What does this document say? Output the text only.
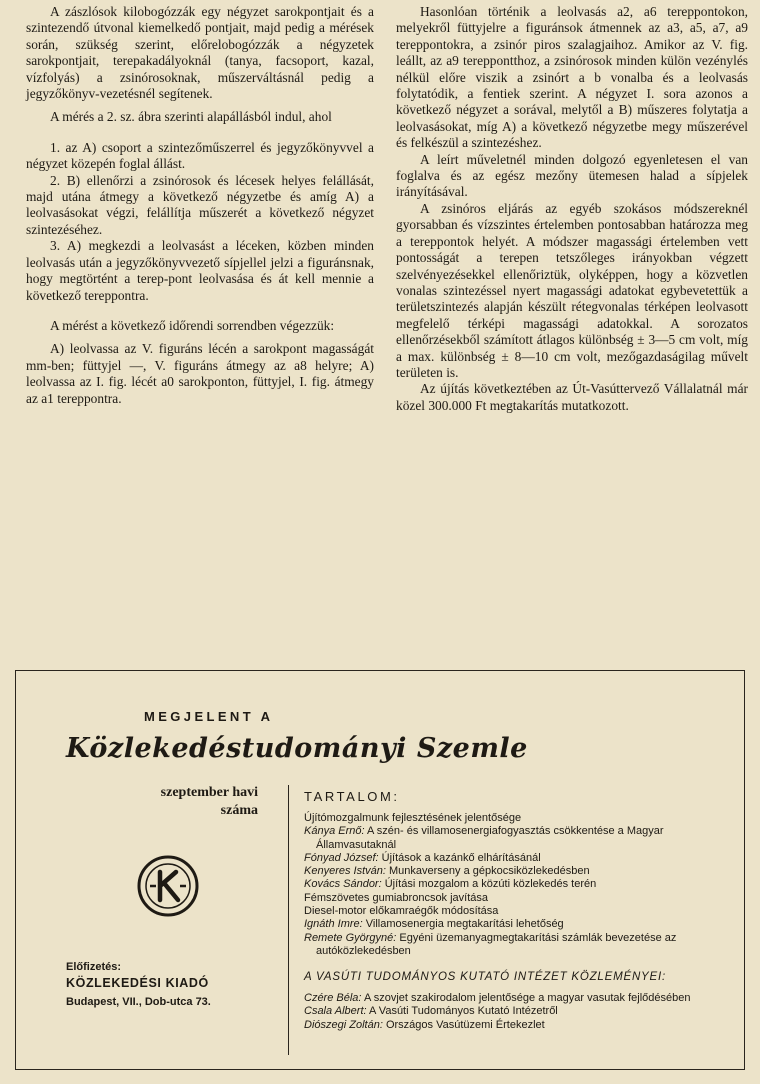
A zászlósok kilobogózzák egy négyzet sarokpontjait és a szintezendő útvonal kiemelkedő pontjait, majd pedig a mérések során, szükség szerint, előrelobogózzák a négyzetek sarokpontjait, terepakadályoknál (tanya, facsoport, kazal, vízfolyás) a zsinórosoknak, műszerváltásnál pedig a jegyzőkönyv-vezetésnél segítenek.

A mérés a 2. sz. ábra szerinti alapállásból indul, ahol

1. az A) csoport a szintezőműszerrel és jegyzőkönyvvel a négyzet közepén foglal állást.

2. B) ellenőrzi a zsinórosok és lécesek helyes felállását, majd utána átmegy a következő négyzetbe és amíg A) a leolvasásokat végzi, felállítja műszerét a következő négyzet szintezéséhez.

3. A) megkezdi a leolvasást a léceken, közben minden leolvasás után a jegyzőkönyvvezető sípjellel jelzi a figuránsnak, hogy megtörtént a terep-pont leolvasása és át kell mennie a következő tereppontra.

A mérést a következő időrendi sorrendben végezzük:

A) leolvassa az V. figuráns lécén a sarokpont magasságát mm-ben; füttyjel —, V. figuráns átmegy az a8 helyre; A) leolvassa az I. fig. lécét a0 sarokponton, füttyjel, I. fig. átmegy az a1 tereppontra.

Hasonlóan történik a leolvasás a2, a6 tereppontokon, melyekről füttyjelre a figuránsok átmennek az a3, a5, a7, a9 tereppontokra, a zsinór piros szalagjaihoz. Amikor az V. fig. leállt, az a9 tereppontthoz, a zsinórosok minden külön vezénylés nélkül előre viszik a zsinórt a b vonalba és a leolvasás folytatódik, a fentiek szerint. A négyzet I. sora azonos a következő négyzet a sorával, melytől a B) műszeres folytatja a leolvasásokat, míg A) a következő négyzetbe megy műszerével és felkészül a szintezéshez.

A leírt műveletnél minden dolgozó egyenletesen el van foglalva és az egész mezőny ütemesen halad a sípjelek irányításával.

A zsinóros eljárás az egyéb szokásos módszereknél gyorsabban és vízszintes értelemben pontosabban határozza meg a tereppontok helyét. A módszer magassági értelemben vett pontosságát a terepen tetszőleges irányokban végzett szelvényezésekkel ellenőriztük, olyképpen, hogy a közvetlen vonalas szintezéssel nyert magassági adatokat egybevetettük a területszintezés alapján készült rétegvonalas térképen leolvasott megfelelő térképi magassági adatokkal. A sorozatos ellenőrzésekből számított átlagos különbség ± 3—5 cm volt, míg a max. különbség ± 8—10 cm volt, mezőgazdaságilag művelt területen is.

Az újítás következtében az Út-Vasúttervező Vállalatnál már közel 300.000 Ft megtakarítás mutatkozott.

MEGJELENT A
Közlekedéstudományi Szemle
szeptember havi
száma
Előfizetés:
KÖZLEKEDÉSI KIADÓ
Budapest, VII., Dob-utca 73.
TARTALOM:
Újítómozgalmunk fejlesztésének jelentősége
Kánya Ernő: A szén- és villamosenergiafogyasztás csökkentése a Magyar Államvasutaknál
Fónyad József: Újítások a kazánkő elhárításánál
Kenyeres István: Munkaverseny a gépkocsiközlekedésben
Kovács Sándor: Újítási mozgalom a közúti közlekedés terén
Fémszövetes gumiabroncsok javítása
Diesel-motor előkamraégők módosítása
Ignáth Imre: Villamosenergia megtakarítási lehetőség
Remete Györgyné: Egyéni üzemanyagmegtakarítási számlák bevezetése az autóközlekedésben
A VASÚTI TUDOMÁNYOS KUTATÓ INTÉZET KÖZLEMÉNYEI:
Czére Béla: A szovjet szakirodalom jelentősége a magyar vasutak fejlődésében
Csala Albert: A Vasúti Tudományos Kutató Intézetről
Diószegi Zoltán: Országos Vasútüzemi Értekezlet
